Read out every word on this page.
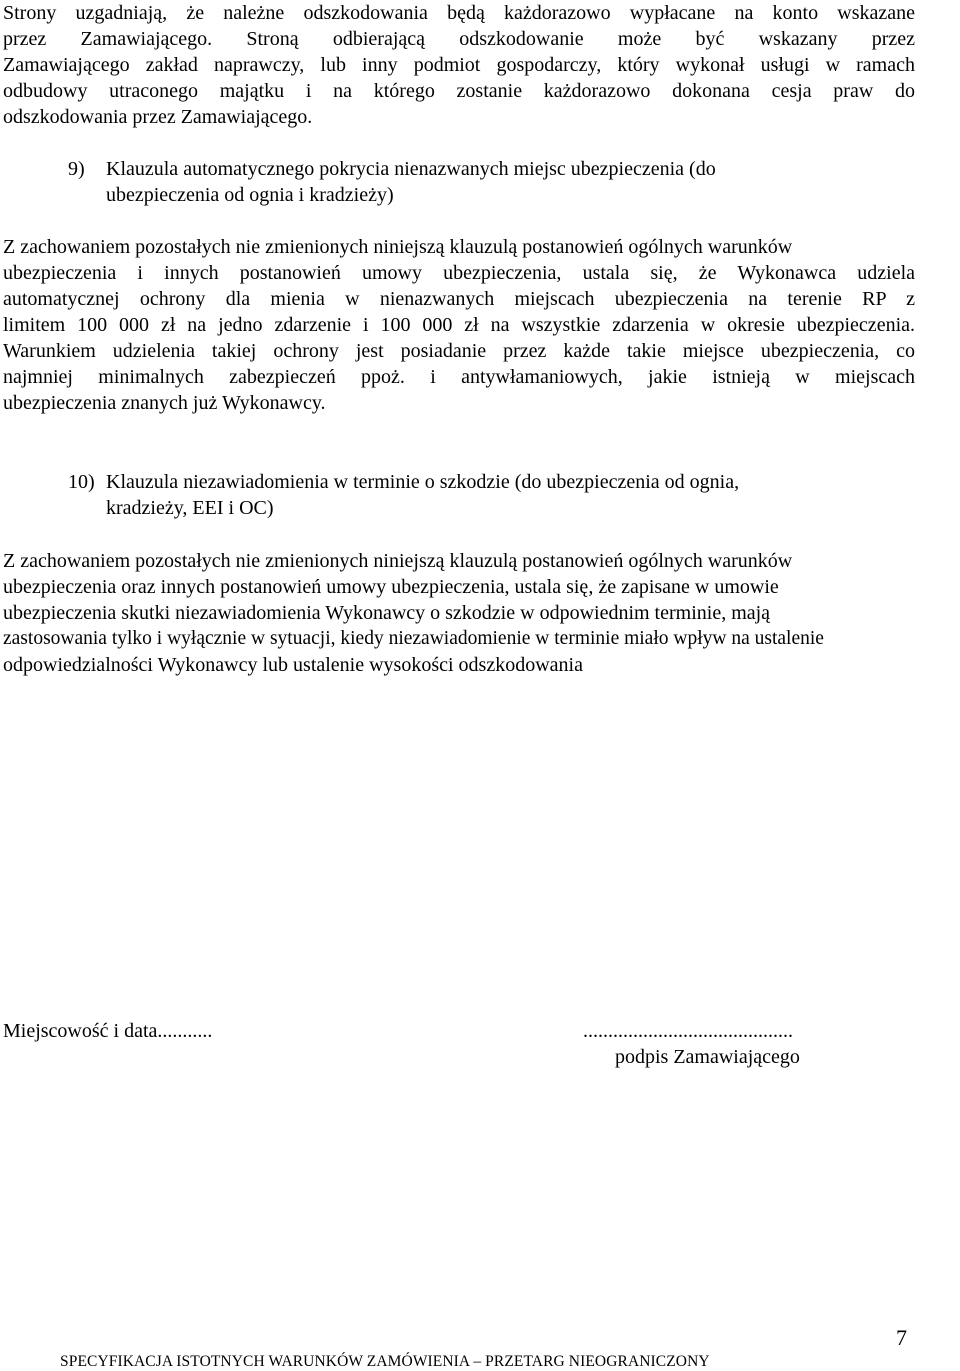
Strony uzgadniają, że należne odszkodowania będą każdorazowo wypłacane na konto wskazane
przez Zamawiającego. Stroną odbierającą odszkodowanie może być wskazany przez
Zamawiającego zakład naprawczy, lub inny podmiot gospodarczy, który wykonał usługi w ramach
odbudowy utraconego majątku i na którego zostanie każdorazowo dokonana cesja praw do
odszkodowania przez Zamawiającego.
9) Klauzula automatycznego pokrycia nienazwanych miejsc ubezpieczenia (do
ubezpieczenia od ognia i kradzieży)
Z zachowaniem pozostałych nie zmienionych niniejszą klauzulą postanowień ogólnych warunków
ubezpieczenia i innych postanowień umowy ubezpieczenia, ustala się, że Wykonawca udziela
automatycznej ochrony dla mienia w nienazwanych miejscach ubezpieczenia na terenie RP z
limitem 100 000 zł na jedno zdarzenie i 100 000 zł na wszystkie zdarzenia w okresie ubezpieczenia.
Warunkiem udzielenia takiej ochrony jest posiadanie przez każde takie miejsce ubezpieczenia, co
najmniej minimalnych zabezpieczeń ppoż. i antywłamaniowych, jakie istnieją w miejscach
ubezpieczenia znanych już Wykonawcy.
10) Klauzula niezawiadomienia w terminie o szkodzie (do ubezpieczenia od ognia,
kradzieży, EEI i OC)
Z zachowaniem pozostałych nie zmienionych niniejszą klauzulą postanowień ogólnych warunków
ubezpieczenia oraz innych postanowień umowy ubezpieczenia, ustala się, że zapisane w umowie
ubezpieczenia skutki niezawiadomienia Wykonawcy o szkodzie w odpowiednim terminie, mają
zastosowania tylko i wyłącznie w sytuacji, kiedy niezawiadomienie w terminie miało wpływ na ustalenie
odpowiedzialności Wykonawcy lub ustalenie wysokości odszkodowania
Miejscowość i data...........	..........................................
podpis Zamawiającego
7
SPECYFIKACJA ISTOTNYCH WARUNKÓW ZAMÓWIENIA – PRZETARG NIEOGRANICZONY
